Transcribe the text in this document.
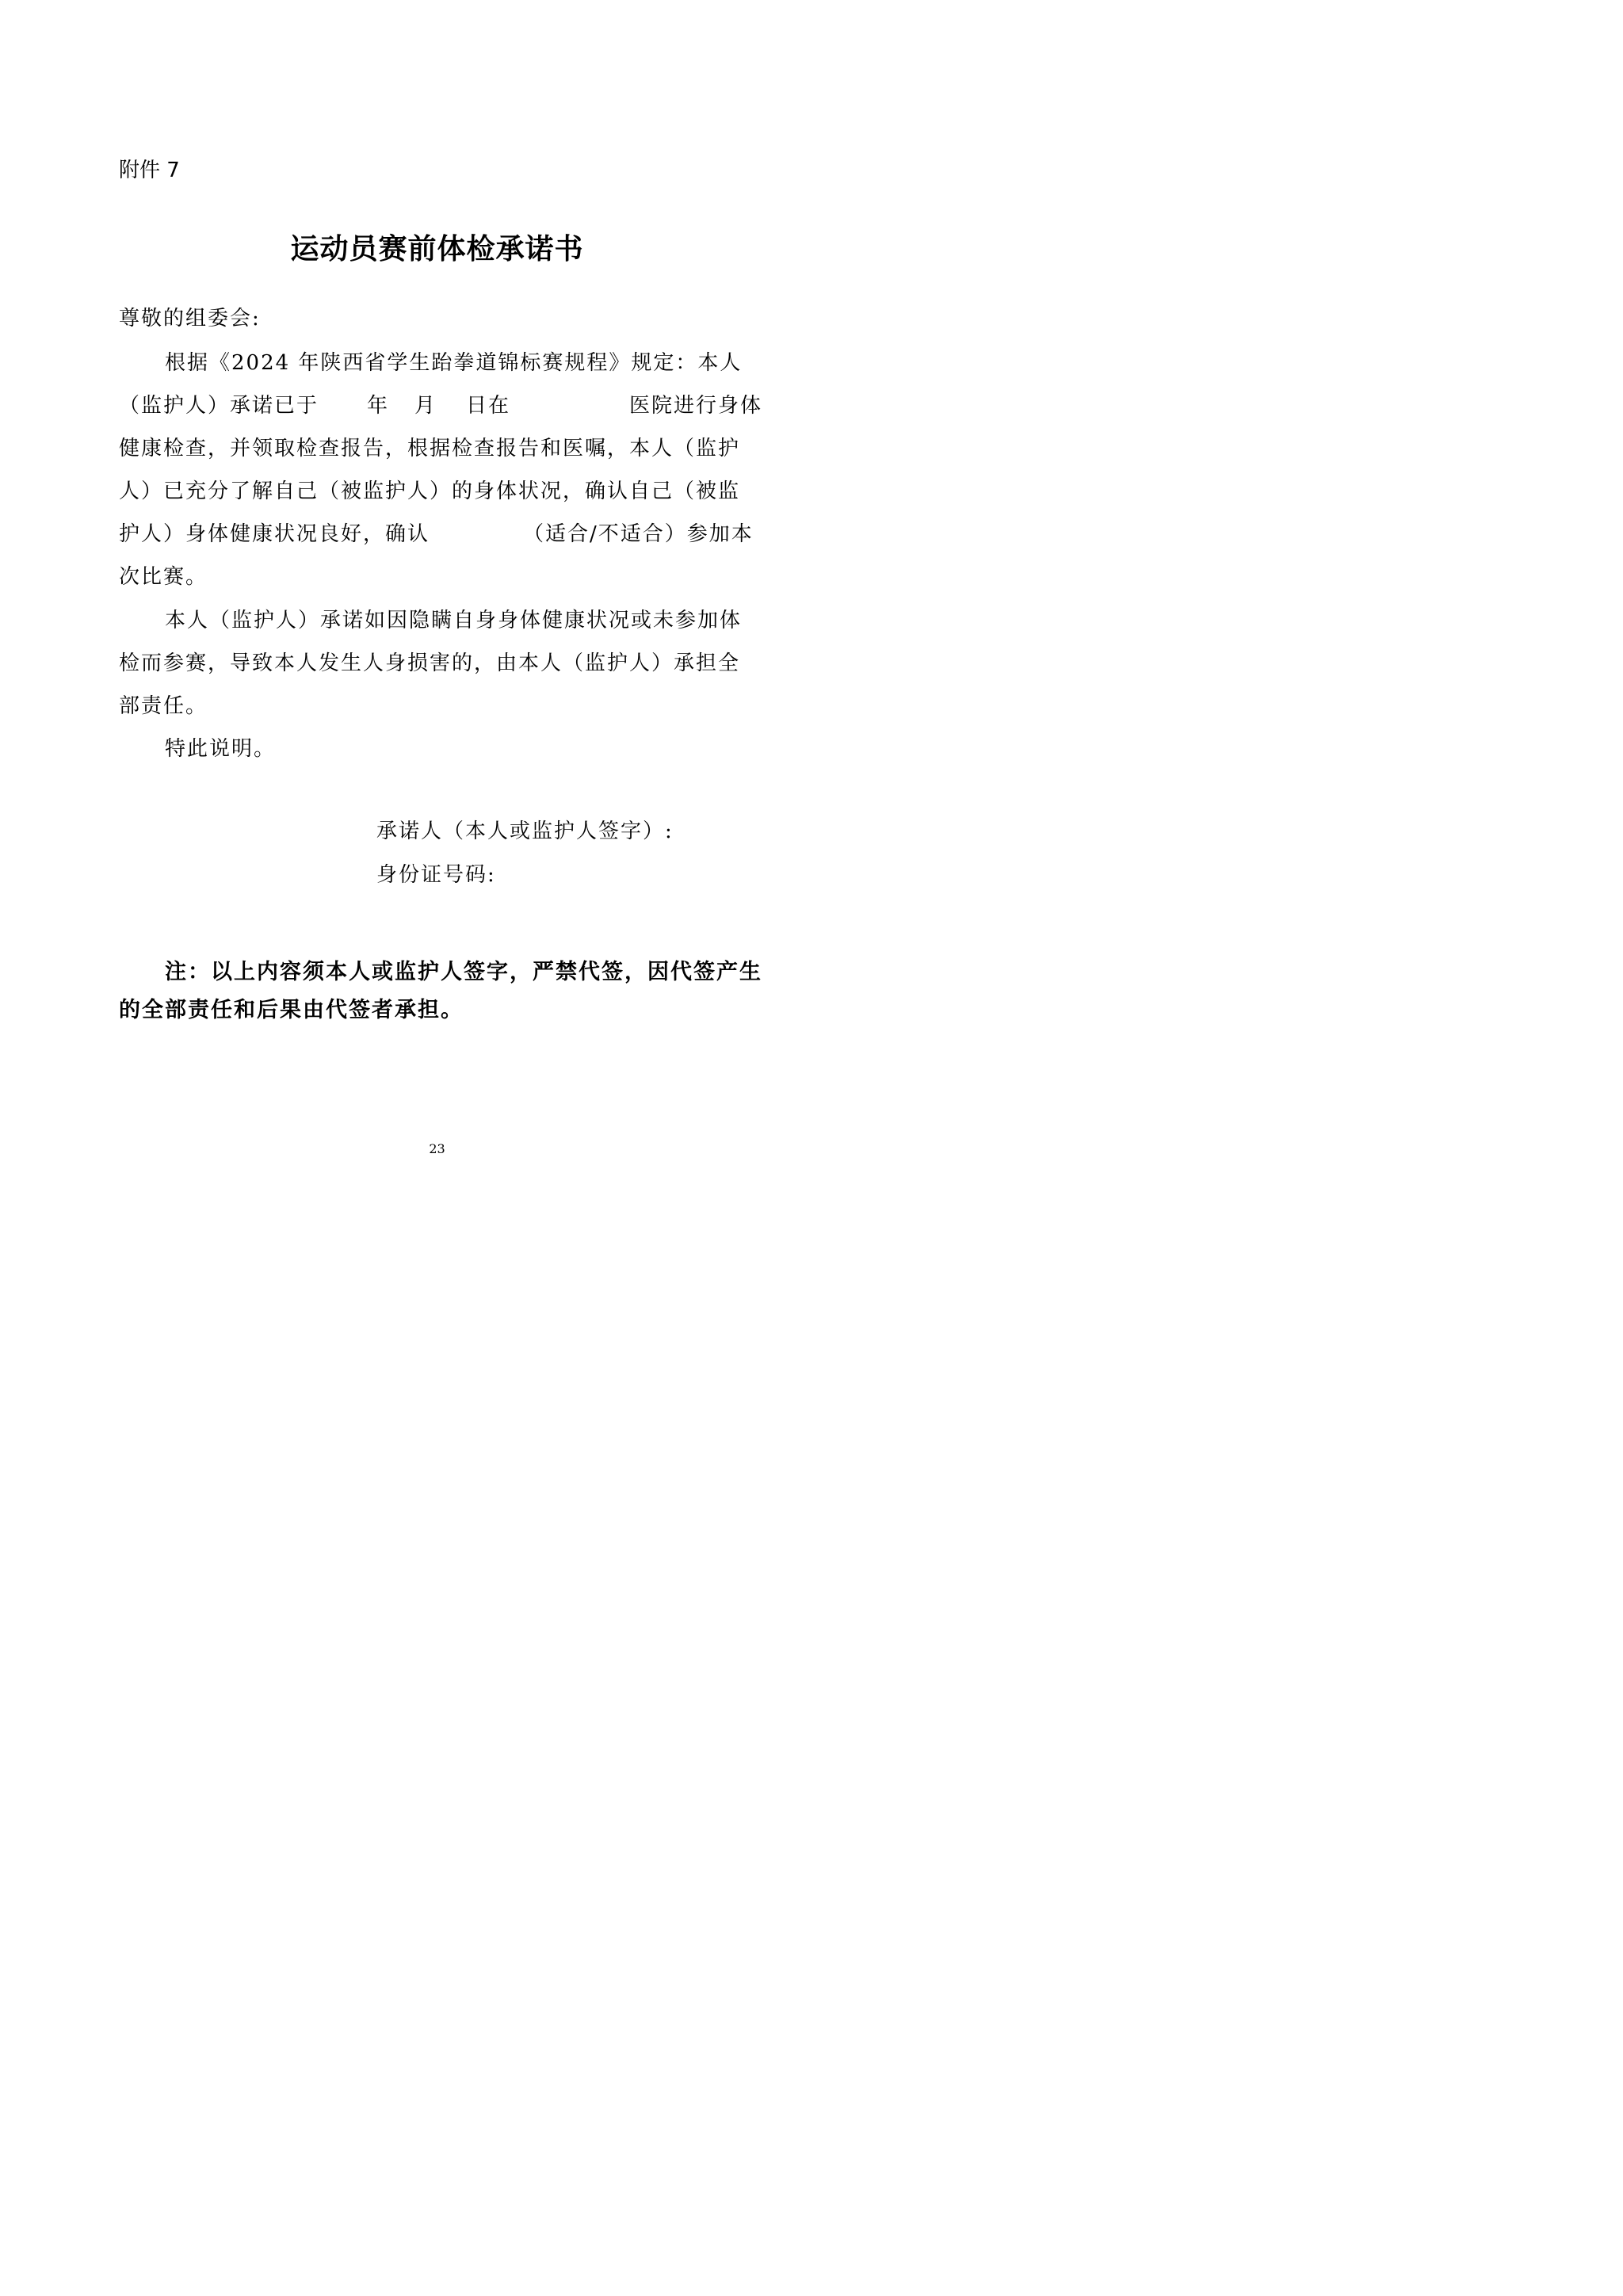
附件 7
运动员赛前体检承诺书
尊敬的组委会:
根据《2024 年陕西省学生跆拳道锦标赛规程》规定：本人
（监护人）承诺已于 年 月 日在	医院进行身体
健康检查，并领取检查报告，根据检查报告和医嘱，本人（监护
人）已充分了解自己（被监护人）的身体状况，确认自己（被监
护人）身体健康状况良好，确认	（适合/不适合）参加本
次比赛。
本人（监护人）承诺如因隐瞒自身身体健康状况或未参加体
检而参赛，导致本人发生人身损害的，由本人（监护人）承担全
部责任。
特此说明。
承诺人（本人或监护人签字）:
身份证号码:
注：以上内容须本人或监护人签字，严禁代签，因代签产生
的全部责任和后果由代签者承担。
23
